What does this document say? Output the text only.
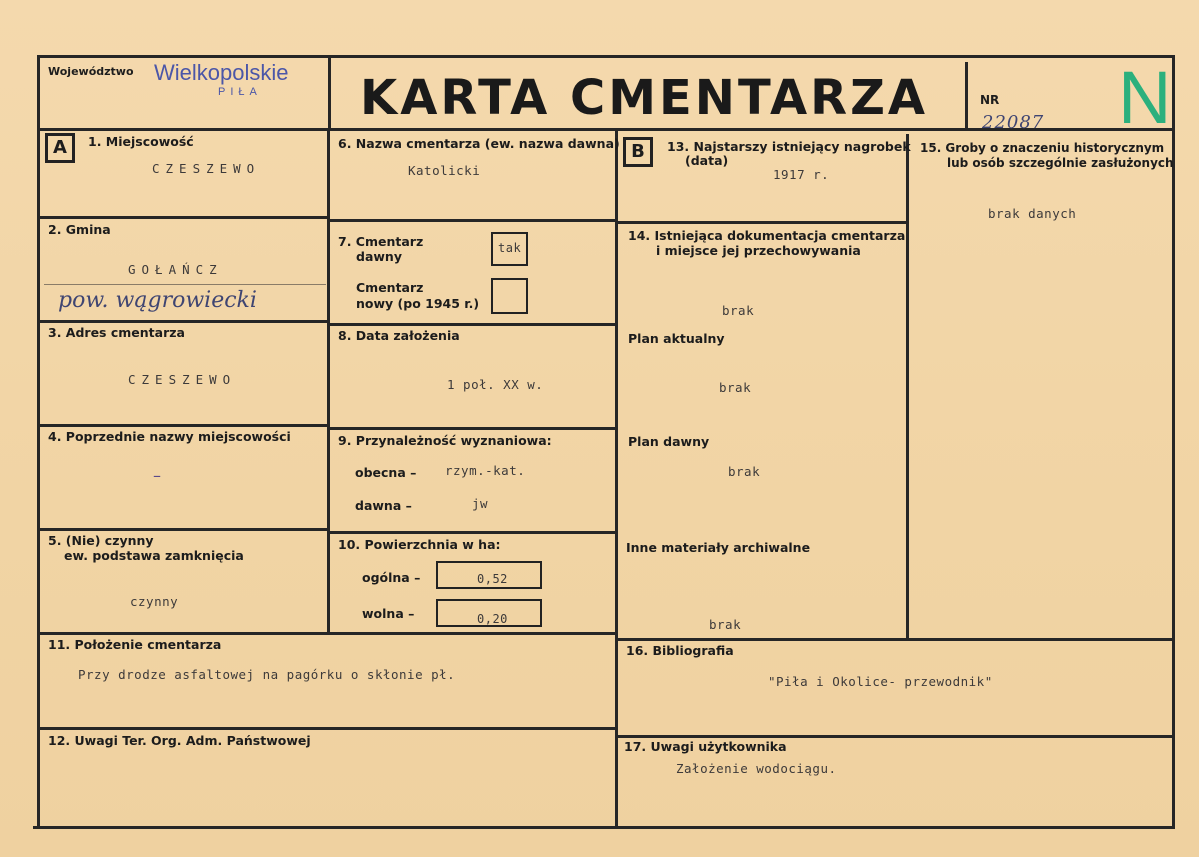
Województwo Wielkopolskie
PIŁA KARTA CMENTARZA	NR
22087 N
A	B
1. Miejscowość
CZESZEWO
2. Gmina
GOŁAŃCZ
pow. wągrowiecki
3. Adres cmentarza
CZESZEWO
4. Poprzednie nazwy miejscowości
–
5. (Nie) czynny
ew. podstawa zamknięcia
czynny
6. Nazwa cmentarza (ew. nazwa dawna)
Katolicki
7. Cmentarz
dawny
tak
Cmentarz
nowy (po 1945 r.)
8. Data założenia
1 poł. XX w.
9. Przynależność wyznaniowa:
obecna – rzym.-kat.
dawna –	jw
10. Powierzchnia w ha:
ogólna –	0,52
wolna –	0,20
11. Położenie cmentarza
Przy drodze asfaltowej na pagórku o skłonie pł.
12. Uwagi Ter. Org. Adm. Państwowej
13. Najstarszy istniejący nagrobek
(data)
1917 r.
14. Istniejąca dokumentacja cmentarza
i miejsce jej przechowywania
brak
Plan aktualny
brak
Plan dawny
brak
Inne materiały archiwalne
brak
15. Groby o znaczeniu historycznym
lub osób szczególnie zasłużonych
brak danych
16. Bibliografia
"Piła i Okolice- przewodnik"
17. Uwagi użytkownika
Założenie wodociągu.
